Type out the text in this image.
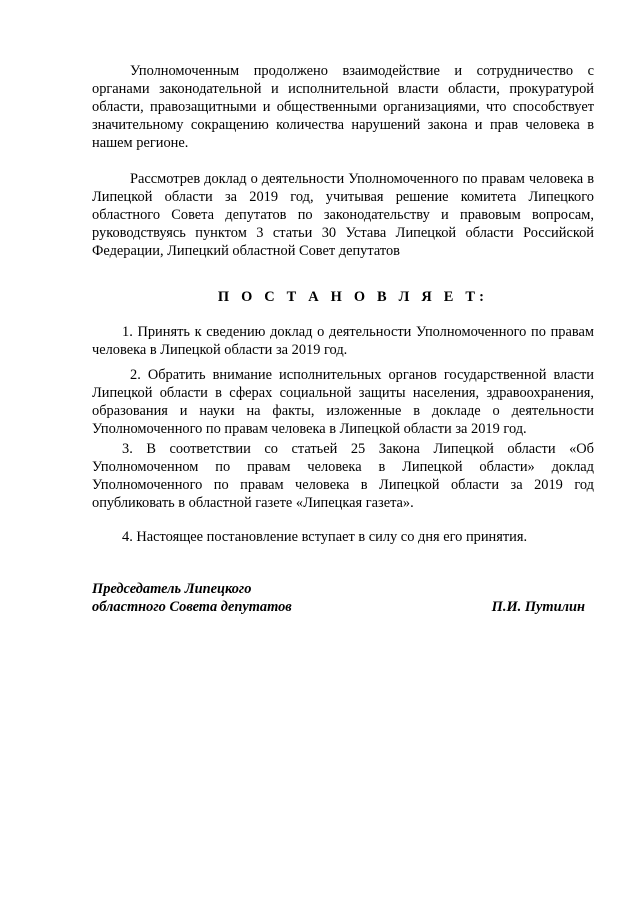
Уполномоченным продолжено взаимодействие и сотрудничество с органами законодательной и исполнительной власти области, прокуратурой области, правозащитными и общественными организациями, что способствует значительному сокращению количества нарушений закона и прав человека в нашем регионе.

Рассмотрев доклад о деятельности Уполномоченного по правам человека в Липецкой области за 2019 год, учитывая решение комитета Липецкого областного Совета депутатов по законодательству и правовым вопросам, руководствуясь пунктом 3 статьи 30 Устава Липецкой области Российской Федерации, Липецкий областной Совет депутатов

П О С Т А Н О В Л Я Е Т:

1. Принять к сведению доклад о деятельности Уполномоченного по правам человека в Липецкой области за 2019 год.

2. Обратить внимание исполнительных органов государственной власти Липецкой области в сферах социальной защиты населения, здравоохранения, образования и науки на факты, изложенные в докладе о деятельности Уполномоченного по правам человека в Липецкой области за 2019 год.

3. В соответствии со статьей 25 Закона Липецкой области «Об Уполномоченном по правам человека в Липецкой области» доклад Уполномоченного по правам человека в Липецкой области за 2019 год опубликовать в областной газете «Липецкая газета».

4. Настоящее постановление вступает в силу со дня его принятия.

Председатель Липецкого
областного Совета депутатов	П.И. Путилин
